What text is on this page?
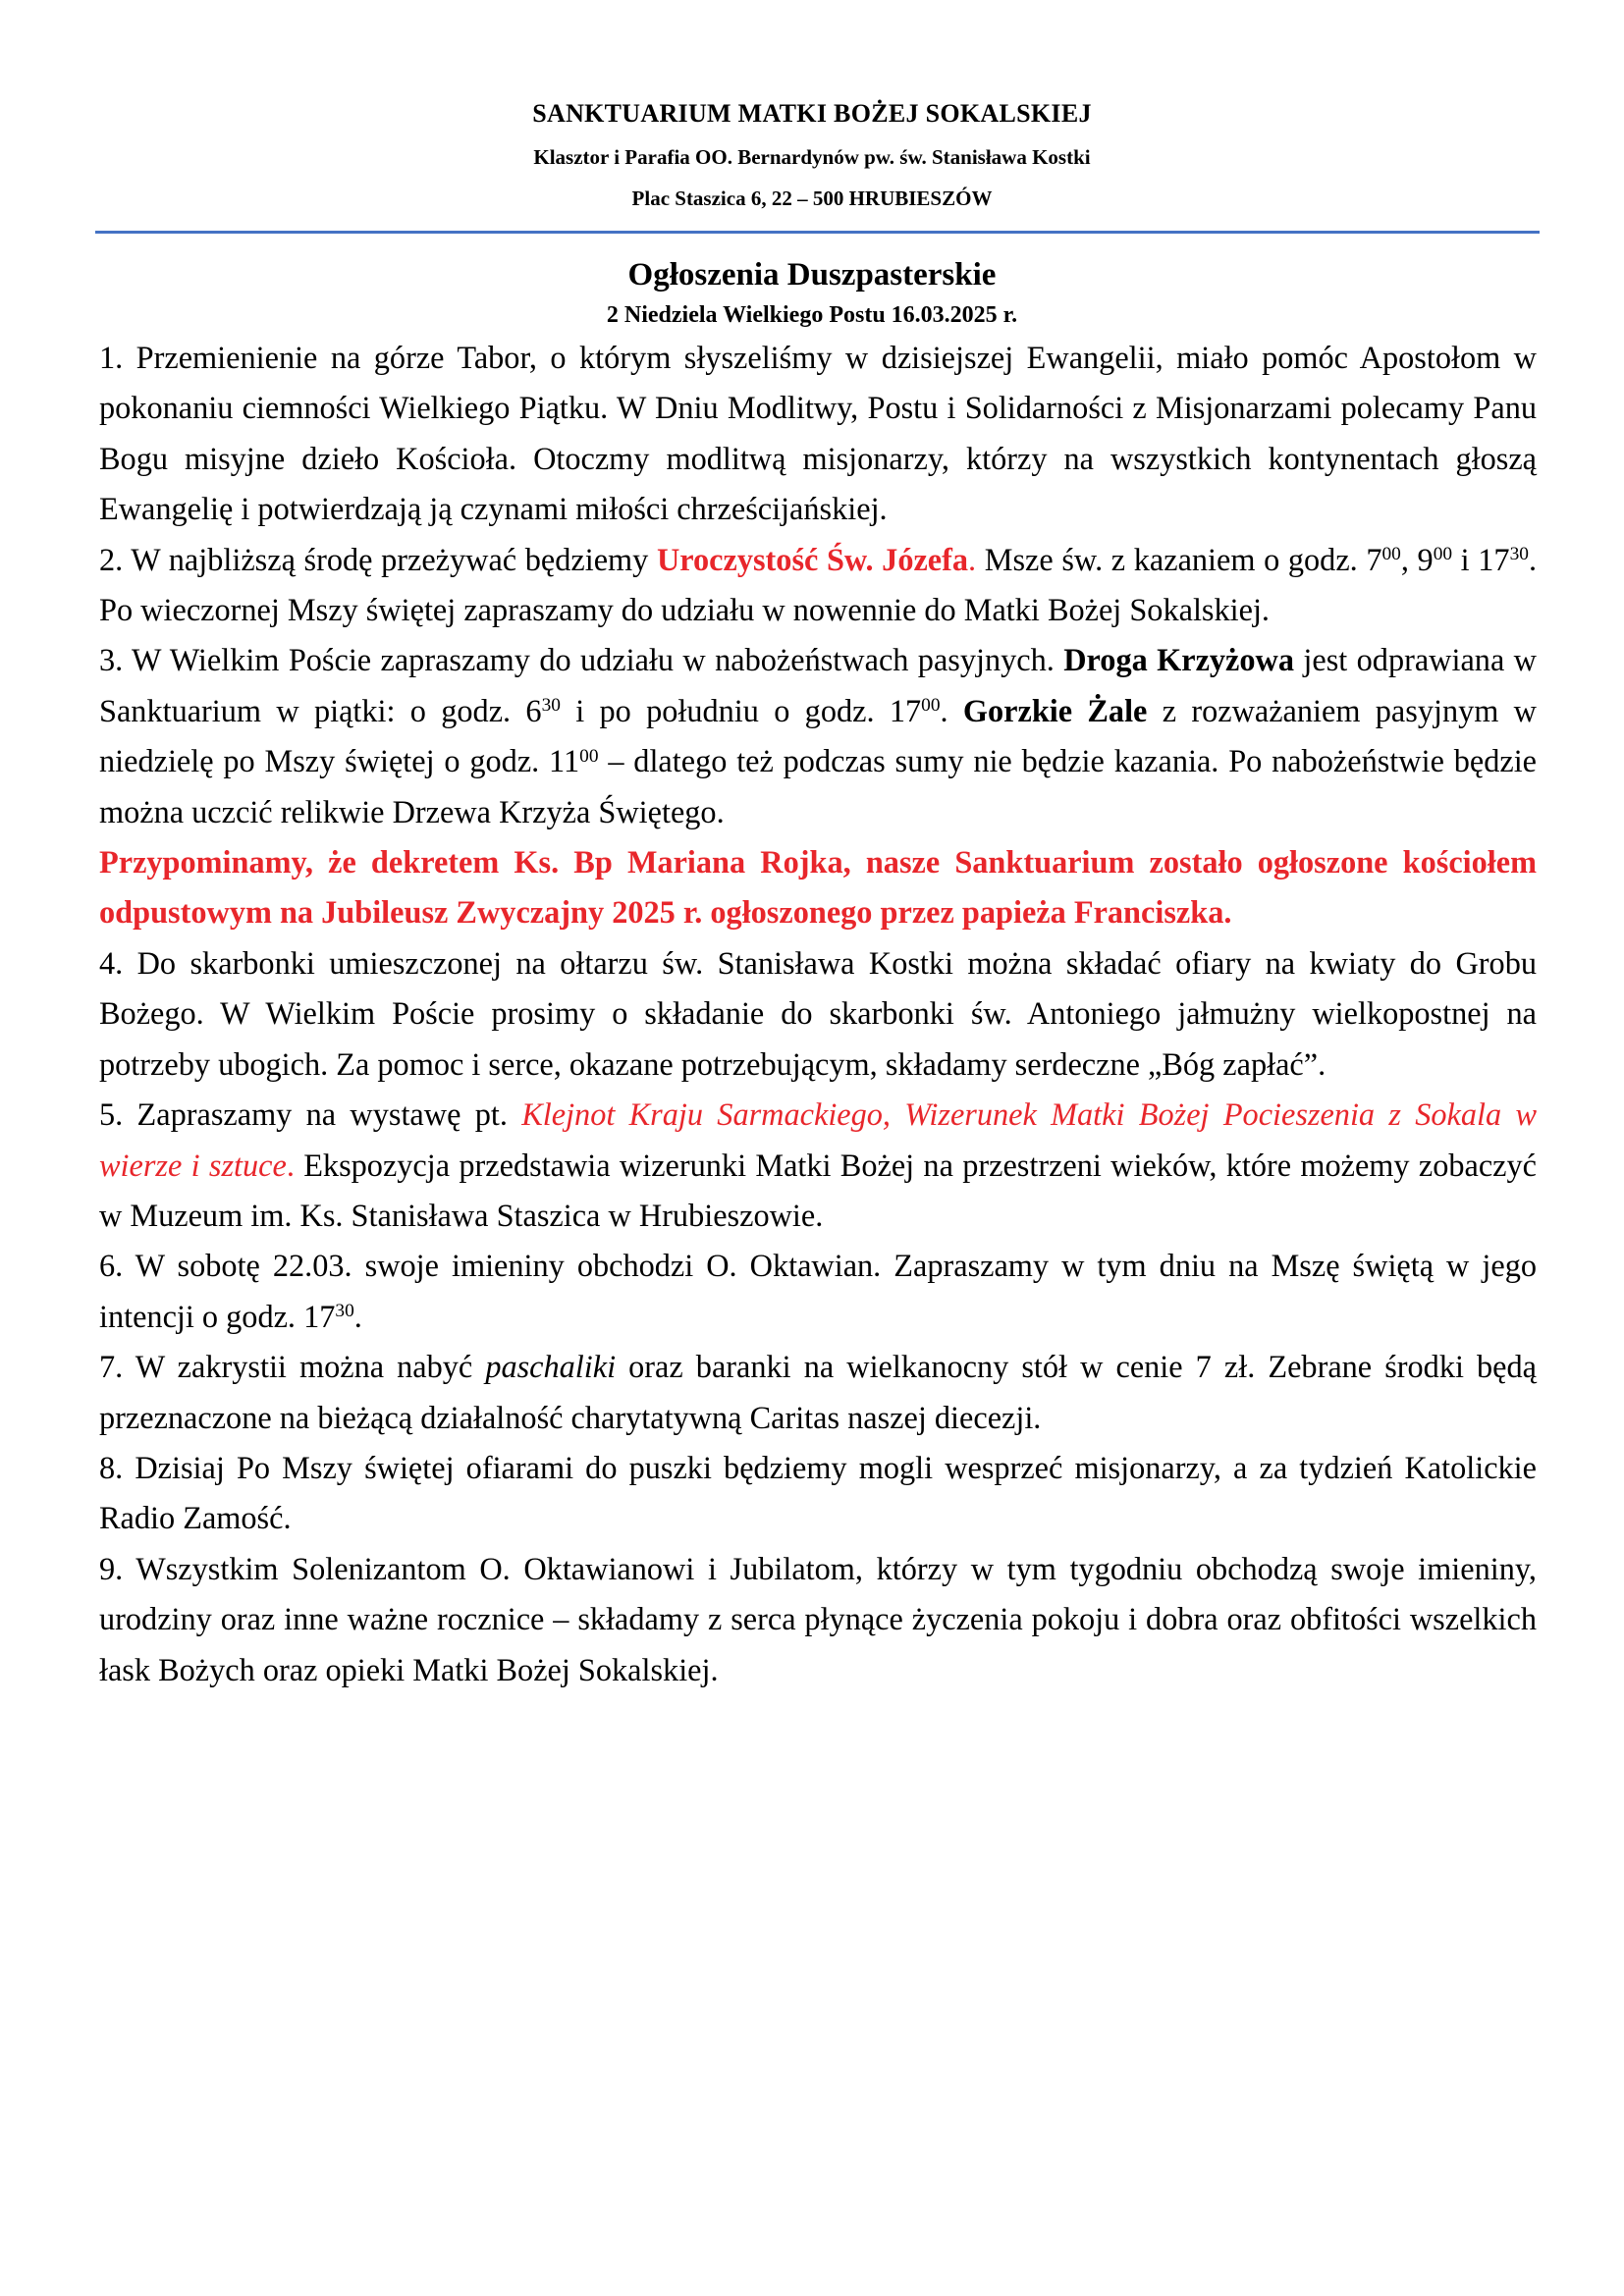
SANKTUARIUM MATKI BOŻEJ SOKALSKIEJ
Klasztor i Parafia OO. Bernardynów pw. św. Stanisława Kostki
Plac Staszica 6, 22 – 500 HRUBIESZÓW
Ogłoszenia Duszpasterskie
2 Niedziela Wielkiego Postu 16.03.2025 r.

1. Przemienienie na górze Tabor, o którym słyszeliśmy w dzisiejszej Ewangelii, miało pomóc Apostołom w pokonaniu ciemności Wielkiego Piątku. W Dniu Modlitwy, Postu i Solidarności z Misjonarzami polecamy Panu Bogu misyjne dzieło Kościoła. Otoczmy modlitwą misjonarzy, którzy na wszystkich kontynentach głoszą Ewangelię i potwierdzają ją czynami miłości chrześcijańskiej.

2. W najbliższą środę przeżywać będziemy Uroczystość Św. Józefa. Msze św. z kazaniem o godz. $7^{00}$, $9^{00}$ i $17^{30}$. Po wieczornej Mszy świętej zapraszamy do udziału w nowennie do Matki Bożej Sokalskiej.

3. W Wielkim Poście zapraszamy do udziału w nabożeństwach pasyjnych. Droga Krzyżowa jest odprawiana w Sanktuarium w piątki: o godz. $6^{30}$ i po południu o godz. $17^{00}$. Gorzkie Żale z rozważaniem pasyjnym w niedzielę po Mszy świętej o godz. $11^{00}$ – dlatego też podczas sumy nie będzie kazania. Po nabożeństwie będzie można uczcić relikwie Drzewa Krzyża Świętego.

Przypominamy, że dekretem Ks. Bp Mariana Rojka, nasze Sanktuarium zostało ogłoszone kościołem odpustowym na Jubileusz Zwyczajny 2025 r. ogłoszonego przez papieża Franciszka.

4. Do skarbonki umieszczonej na ołtarzu św. Stanisława Kostki można składać ofiary na kwiaty do Grobu Bożego. W Wielkim Poście prosimy o składanie do skarbonki św. Antoniego jałmużny wielkopostnej na potrzeby ubogich. Za pomoc i serce, okazane potrzebującym, składamy serdeczne „Bóg zapłać”.

5. Zapraszamy na wystawę pt. Klejnot Kraju Sarmackiego, Wizerunek Matki Bożej Pocieszenia z Sokala w wierze i sztuce. Ekspozycja przedstawia wizerunki Matki Bożej na przestrzeni wieków, które możemy zobaczyć w Muzeum im. Ks. Stanisława Staszica w Hrubieszowie.

6. W sobotę 22.03. swoje imieniny obchodzi O. Oktawian. Zapraszamy w tym dniu na Mszę świętą w jego intencji o godz. $17^{30}$.

7. W zakrystii można nabyć paschaliki oraz baranki na wielkanocny stół w cenie 7 zł. Zebrane środki będą przeznaczone na bieżącą działalność charytatywną Caritas naszej diecezji.

8. Dzisiaj Po Mszy świętej ofiarami do puszki będziemy mogli wesprzeć misjonarzy, a za tydzień Katolickie Radio Zamość.

9. Wszystkim Solenizantom O. Oktawianowi i Jubilatom, którzy w tym tygodniu obchodzą swoje imieniny, urodziny oraz inne ważne rocznice – składamy z serca płynące życzenia pokoju i dobra oraz obfitości wszelkich łask Bożych oraz opieki Matki Bożej Sokalskiej.
